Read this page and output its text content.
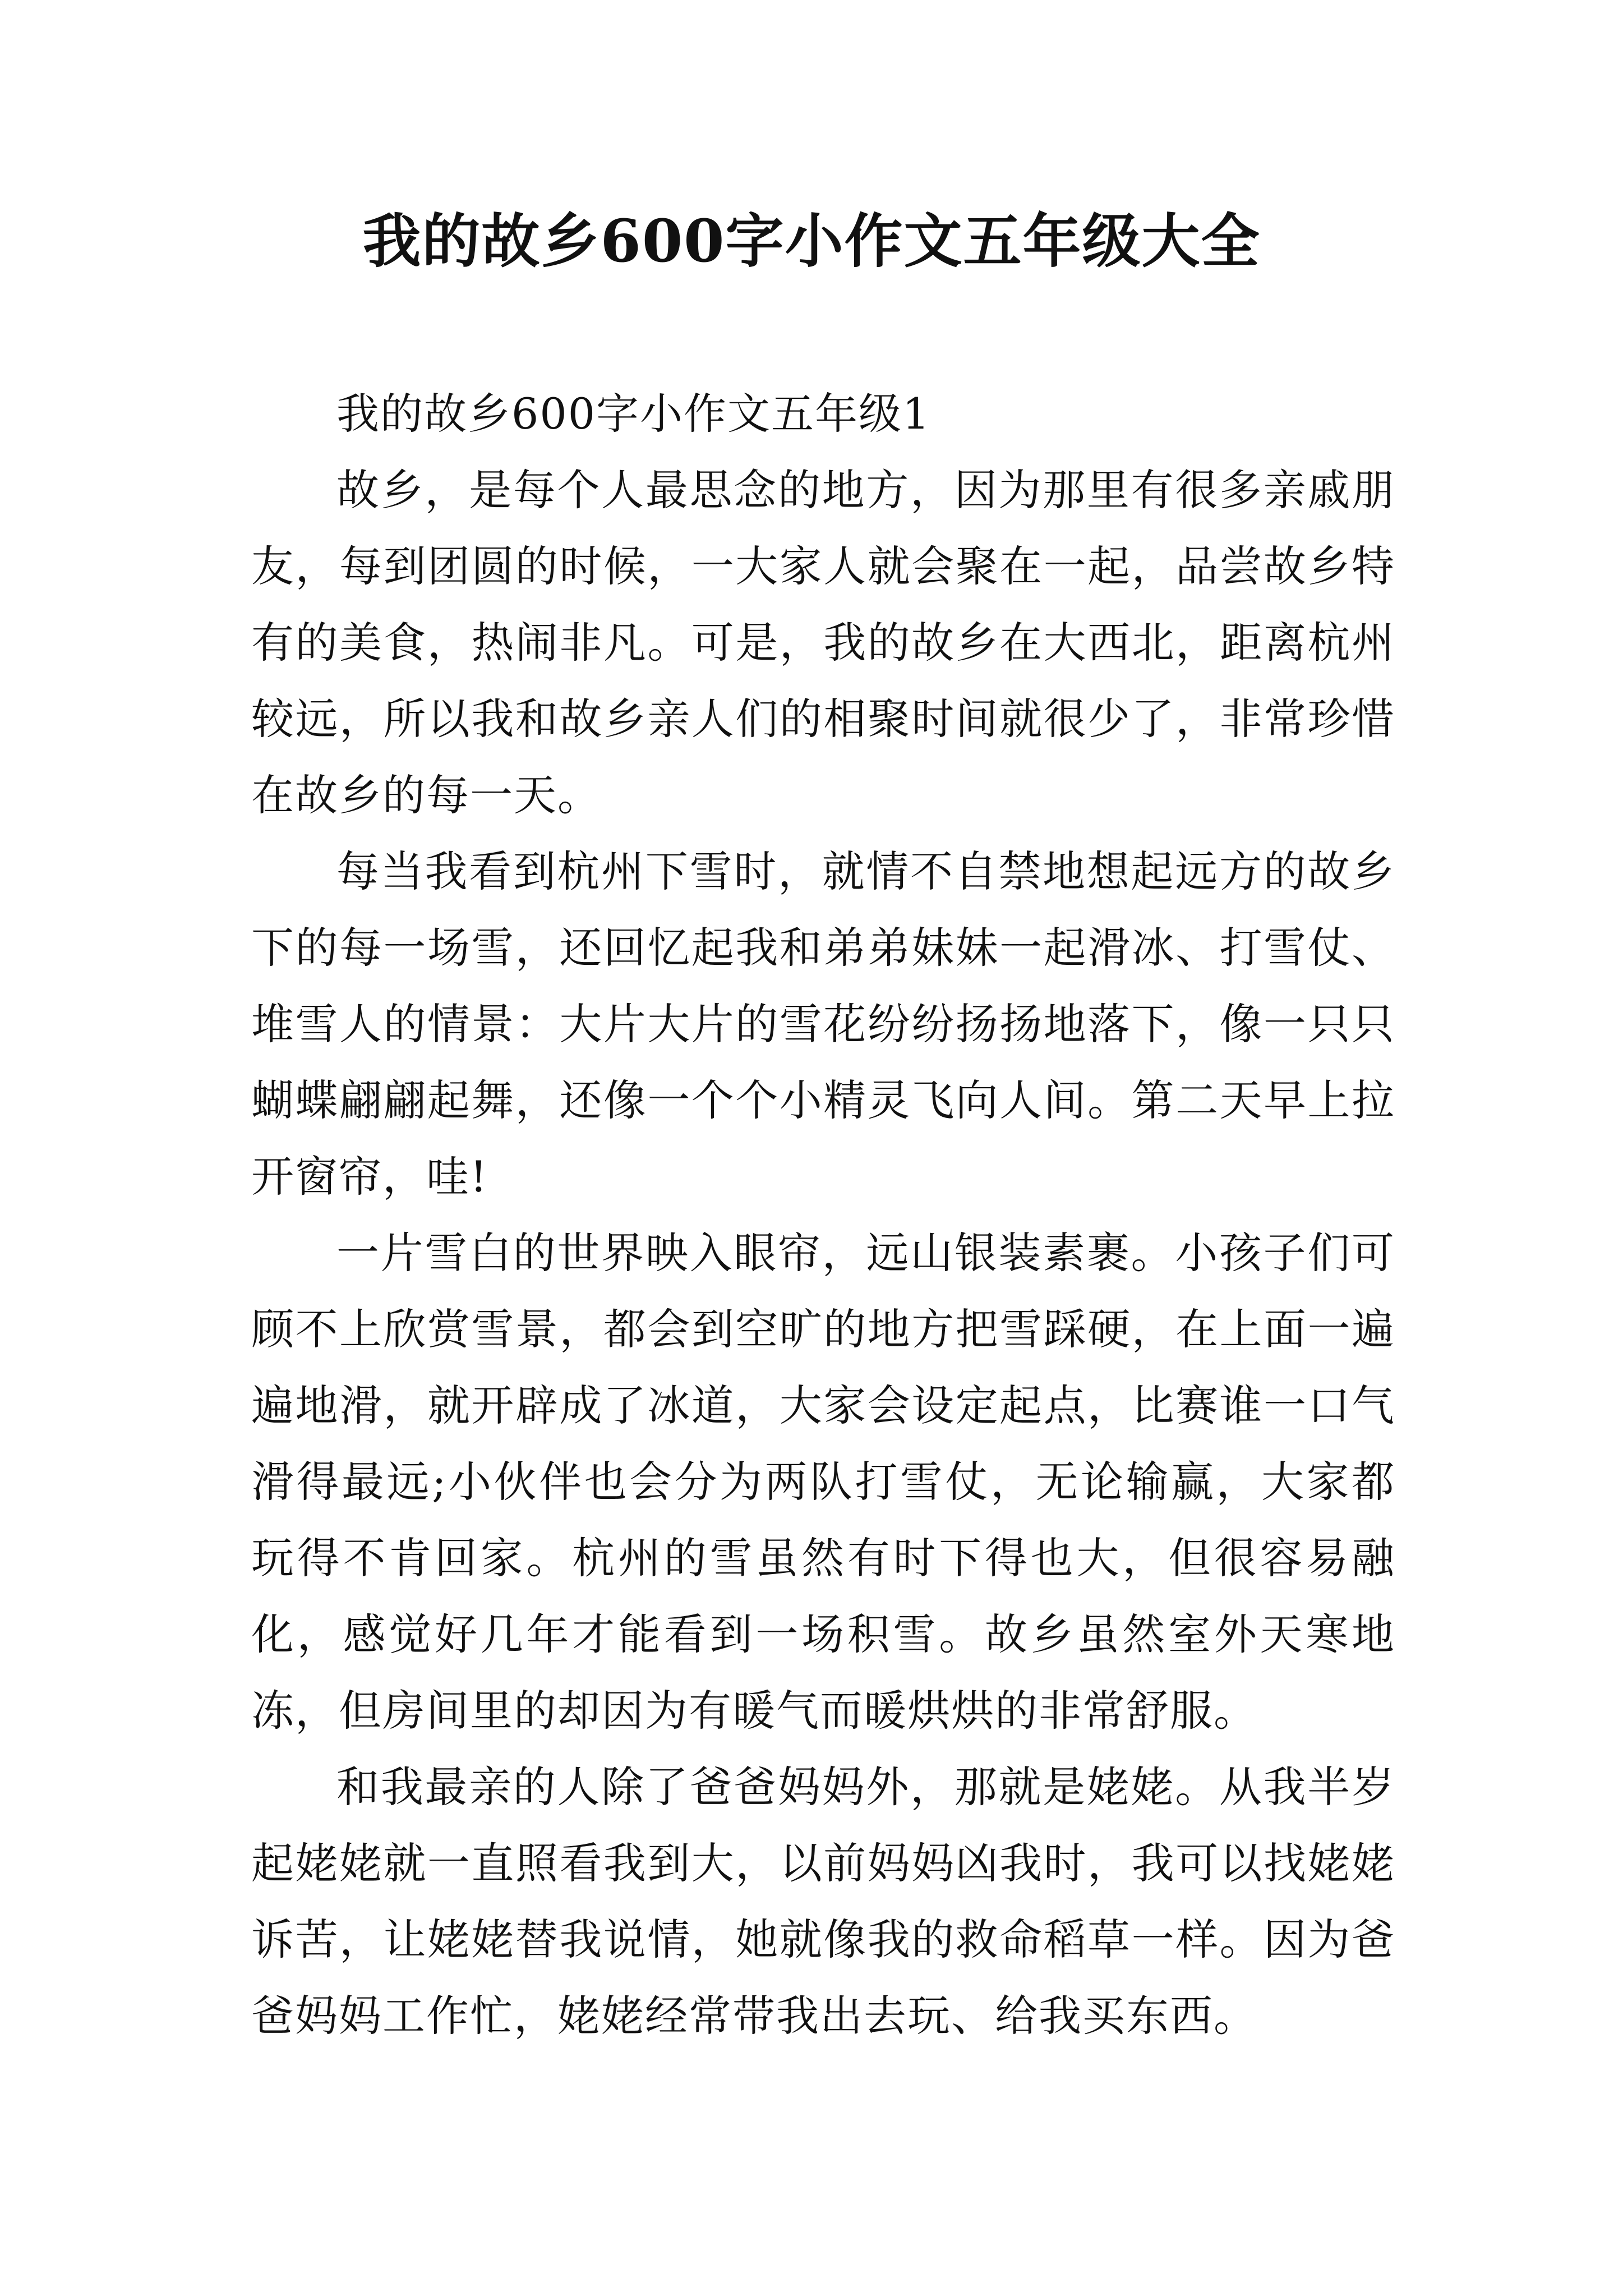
我的故乡600字小作文五年级大全

我的故乡600字小作文五年级1

故乡，是每个人最思念的地方，因为那里有很多亲戚朋友，每到团圆的时候，一大家人就会聚在一起，品尝故乡特有的美食，热闹非凡。可是，我的故乡在大西北，距离杭州较远，所以我和故乡亲人们的相聚时间就很少了，非常珍惜在故乡的每一天。

每当我看到杭州下雪时，就情不自禁地想起远方的故乡下的每一场雪，还回忆起我和弟弟妹妹一起滑冰、打雪仗、堆雪人的情景：大片大片的雪花纷纷扬扬地落下，像一只只蝴蝶翩翩起舞，还像一个个小精灵飞向人间。第二天早上拉开窗帘，哇!

一片雪白的世界映入眼帘，远山银装素裹。小孩子们可顾不上欣赏雪景，都会到空旷的地方把雪踩硬，在上面一遍遍地滑，就开辟成了冰道，大家会设定起点，比赛谁一口气滑得最远;小伙伴也会分为两队打雪仗，无论输赢，大家都玩得不肯回家。杭州的雪虽然有时下得也大，但很容易融化，感觉好几年才能看到一场积雪。故乡虽然室外天寒地冻，但房间里的却因为有暖气而暖烘烘的非常舒服。

和我最亲的人除了爸爸妈妈外，那就是姥姥。从我半岁起姥姥就一直照看我到大，以前妈妈凶我时，我可以找姥姥诉苦，让姥姥替我说情，她就像我的救命稻草一样。因为爸爸妈妈工作忙，姥姥经常带我出去玩、给我买东西。
